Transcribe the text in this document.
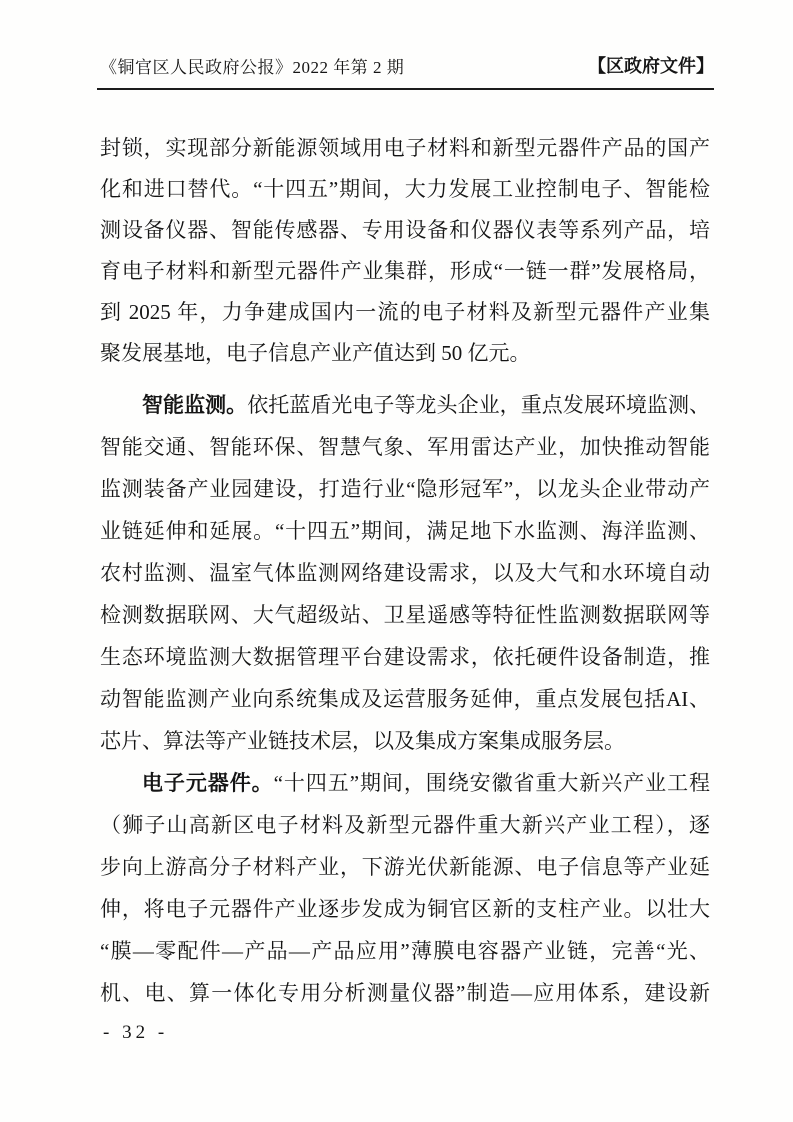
《铜官区人民政府公报》2022 年第 2 期	【区政府文件】
封锁，实现部分新能源领域用电子材料和新型元器件产品的国产
化和进口替代。“十四五”期间，大力发展工业控制电子、智能检
测设备仪器、智能传感器、专用设备和仪器仪表等系列产品，培
育电子材料和新型元器件产业集群，形成“一链一群”发展格局，
到 2025 年，力争建成国内一流的电子材料及新型元器件产业集
聚发展基地，电子信息产业产值达到 50 亿元。
智能监测。依托蓝盾光电子等龙头企业，重点发展环境监测、
智能交通、智能环保、智慧气象、军用雷达产业，加快推动智能
监测装备产业园建设，打造行业“隐形冠军”，以龙头企业带动产
业链延伸和延展。“十四五”期间，满足地下水监测、海洋监测、
农村监测、温室气体监测网络建设需求，以及大气和水环境自动
检测数据联网、大气超级站、卫星遥感等特征性监测数据联网等
生态环境监测大数据管理平台建设需求，依托硬件设备制造，推
动智能监测产业向系统集成及运营服务延伸，重点发展包括AI、
芯片、算法等产业链技术层，以及集成方案集成服务层。
电子元器件。“十四五”期间，围绕安徽省重大新兴产业工程
（狮子山高新区电子材料及新型元器件重大新兴产业工程），逐
步向上游高分子材料产业，下游光伏新能源、电子信息等产业延
伸，将电子元器件产业逐步发成为铜官区新的支柱产业。以壮大
“膜—零配件—产品—产品应用”薄膜电容器产业链，完善“光、
机、电、算一体化专用分析测量仪器”制造—应用体系，建设新
- 32 -
